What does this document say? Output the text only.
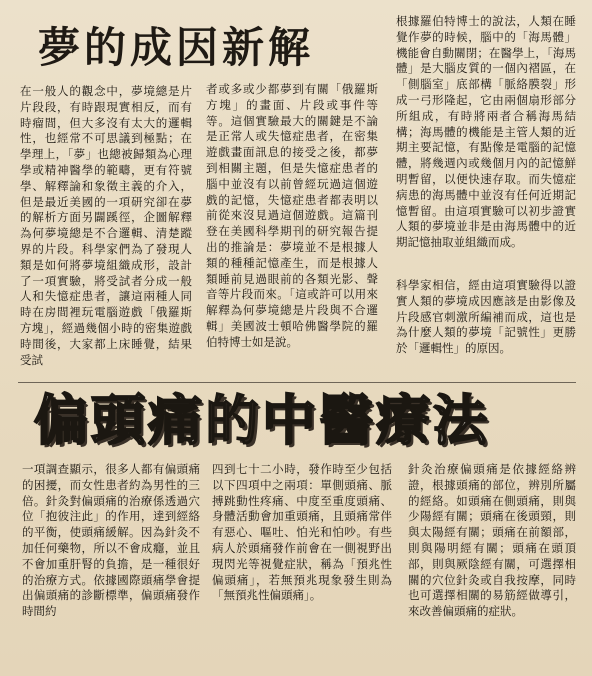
夢的成因新解

在一般人的觀念中，夢境總是片片段段，有時跟現實相反，而有時瘤間，但大多沒有太大的邏輯性，也經常不可思議到極點；在學理上，「夢」也總被歸類為心理學或精神醫學的範疇，更有符號學、解釋論和象徵主義的介入，但是最近美國的一項研究卻在夢的解析方面另闢蹊徑，企圖解釋為何夢境總是不合邏輯、清楚蹤界的片段。科學家們為了發現人類是如何將夢境組織成形，設計了一項實驗，將受試者分成一般人和失憶症患者，讓這兩種人同時在房間裡玩電腦遊戲「俄羅斯方塊」，經過幾個小時的密集遊戲時間後，大家都上床睡覺，結果受試

者或多或少都夢到有關「俄羅斯方塊」的畫面、片段或事件等等。這個實驗最大的關鍵是不論是正常人或失憶症患者，在密集遊戲畫面訊息的接受之後，都夢到相關主題，但是失憶症患者的腦中並沒有以前曾經玩過這個遊戲的記憶，失憶症患者都表明以前從來沒見過這個遊戲。這篇刊登在美國科學期刊的研究報告提出的推論是：夢境並不是根據人類的種種記憶產生，而是根據人類睡前見過眼前的各類光影、聲音等片段而來。「這或許可以用來解釋為何夢境總是片段與不合邏輯」美國波士頓哈佛醫學院的羅伯特博士如是說。

根據羅伯特博士的說法，人類在睡覺作夢的時候，腦中的「海馬體」機能會自動關閉；在醫學上，「海馬體」是大腦皮質的一個內褶區，在「側腦室」底部構「脈絡膜裂」形成一弓形隆起，它由兩個扇形部分所組成，有時將兩者合稱海馬結構；海馬體的機能是主管人類的近期主要記憶，有點像是電腦的記憶體，將幾週內或幾個月內的記憶鮮明暫留，以便快速存取。而失憶症病患的海馬體中並沒有任何近期記憶暫留。由這項實驗可以初步證實人類的夢境並非是由海馬體中的近期記憶抽取並組織而成。

科學家相信，經由這項實驗得以證實人類的夢境成因應該是由影像及片段感官刺激所編補而成，這也是為什麼人類的夢境「記號性」更勝於「邏輯性」的原因。

偏頭痛的中醫療法

一項調查顯示，很多人都有偏頭痛的困擾，而女性患者約為男性的三倍。針灸對偏頭痛的治療係透過穴位「抱彼注此」的作用，達到經絡的平衡，使頭痛緩解。因為針灸不加任何藥物，所以不會成癮，並且不會加重肝腎的負擔，是一種很好的治療方式。依據國際頭痛學會提出偏頭痛的診斷標準，偏頭痛發作時間約

四到七十二小時，發作時至少包括以下四項中之兩項：單側頭痛、脈搏跳動性疼痛、中度至重度頭痛、身體活動會加重頭痛，且頭痛常伴有惡心、嘔吐、怕光和怕吵。有些病人於頭痛發作前會在一側視野出現閃光等視覺症狀，稱為「預兆性偏頭痛」，若無預兆現象發生則為「無預兆性偏頭痛」。

針灸治療偏頭痛是依據經絡辨證，根據頭痛的部位，辨別所屬的經絡。如頭痛在側頭痛，則與少陽經有關；頭痛在後頭頸，則與太陽經有關；頭痛在前額部，則與陽明經有關；頭痛在頭頂部，則與厥陰經有關，可選擇相關的穴位針灸或自我按摩，同時也可選擇相關的易筋經做導引，來改善偏頭痛的症狀。
